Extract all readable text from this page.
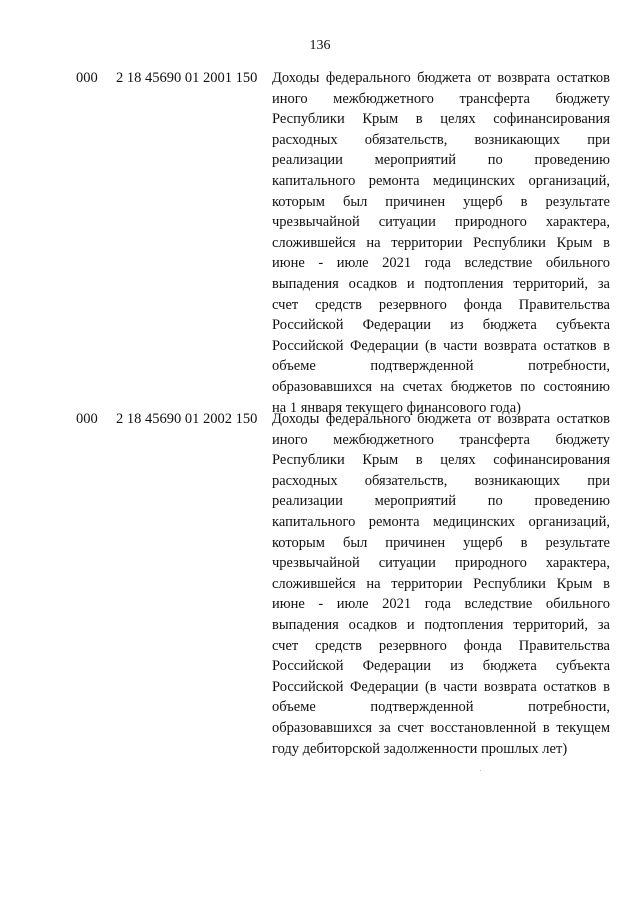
136
000 2 18 45690 01 2001 150 Доходы федерального бюджета от возврата остатков
иного межбюджетного трансферта бюджету
Республики Крым в целях софинансирования
расходных обязательств, возникающих при
реализации мероприятий по проведению
капитального ремонта медицинских организаций,
которым был причинен ущерб в результате
чрезвычайной ситуации природного характера,
сложившейся на территории Республики Крым в
июне - июле 2021 года вследствие обильного
выпадения осадков и подтопления территорий, за
счет средств резервного фонда Правительства
Российской Федерации из бюджета субъекта
Российской Федерации (в части возврата остатков в
объеме подтвержденной потребности,
образовавшихся на счетах бюджетов по состоянию
на 1 января текущего финансового года)
000 2 18 45690 01 2002 150 Доходы федерального бюджета от возврата остатков
иного межбюджетного трансферта бюджету
Республики Крым в целях софинансирования
расходных обязательств, возникающих при
реализации мероприятий по проведению
капитального ремонта медицинских организаций,
которым был причинен ущерб в результате
чрезвычайной ситуации природного характера,
сложившейся на территории Республики Крым в
июне - июле 2021 года вследствие обильного
выпадения осадков и подтопления территорий, за
счет средств резервного фонда Правительства
Российской Федерации из бюджета субъекта
Российской Федерации (в части возврата остатков в
объеме подтвержденной потребности,
образовавшихся за счет восстановленной в текущем
году дебиторской задолженности прошлых лет)
